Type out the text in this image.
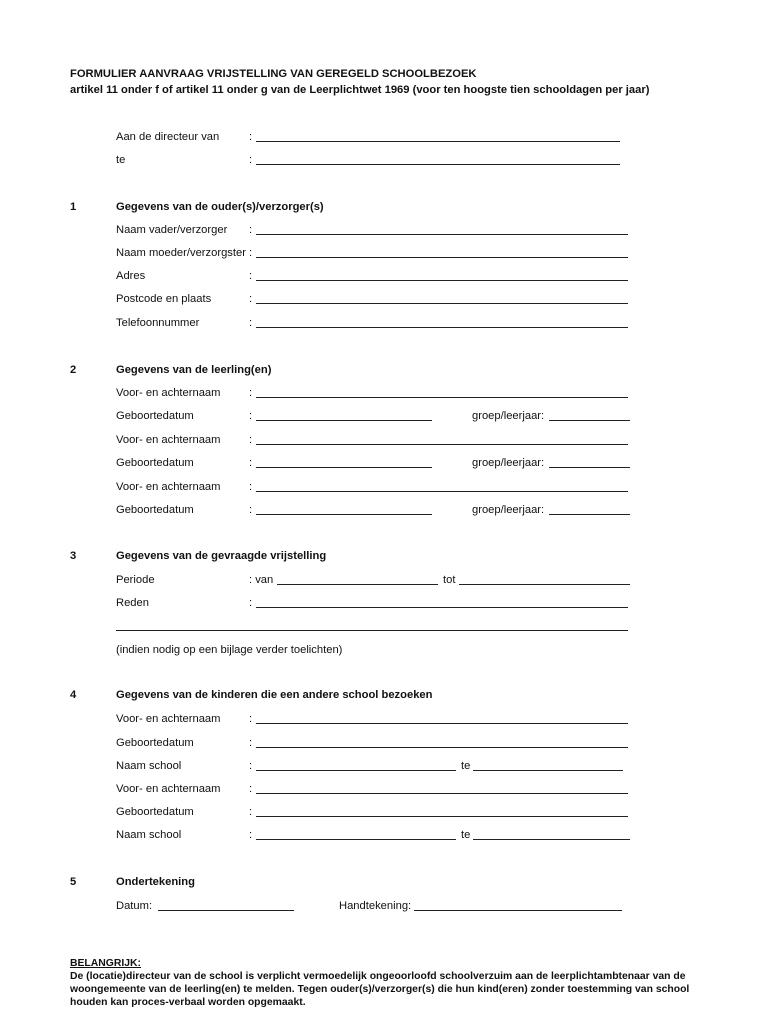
FORMULIER AANVRAAG VRIJSTELLING VAN GEREGELD SCHOOLBEZOEK
artikel 11 onder f of artikel 11 onder g van de Leerplichtwet 1969 (voor ten hoogste tien schooldagen per jaar)
Aan de directeur van	:
te	:
1	Gegevens van de ouder(s)/verzorger(s)
Naam vader/verzorger :
Naam moeder/verzorgster :
Adres	:
Postcode en plaats	:
Telefoonnummer	:
2	Gegevens van de leerling(en)
Voor- en achternaam	:
Geboortedatum	:	groep/leerjaar:
Voor- en achternaam	:
Geboortedatum	:	groep/leerjaar:
Voor- en achternaam	:
Geboortedatum	:	groep/leerjaar:
3	Gegevens van de gevraagde vrijstelling
Periode	: van	tot
Reden	:
(indien nodig op een bijlage verder toelichten)
4	Gegevens van de kinderen die een andere school bezoeken
Voor- en achternaam	:
Geboortedatum	:
Naam school	:	te
Voor- en achternaam	:
Geboortedatum	:
Naam school	:	te
5	Ondertekening
Datum:	Handtekening:
BELANGRIJK:
De (locatie)directeur van de school is verplicht vermoedelijk ongeoorloofd schoolverzuim aan de leerplichtambtenaar van de woongemeente van de leerling(en) te melden. Tegen ouder(s)/verzorger(s) die hun kind(eren) zonder toestemming van school houden kan proces-verbaal worden opgemaakt.
